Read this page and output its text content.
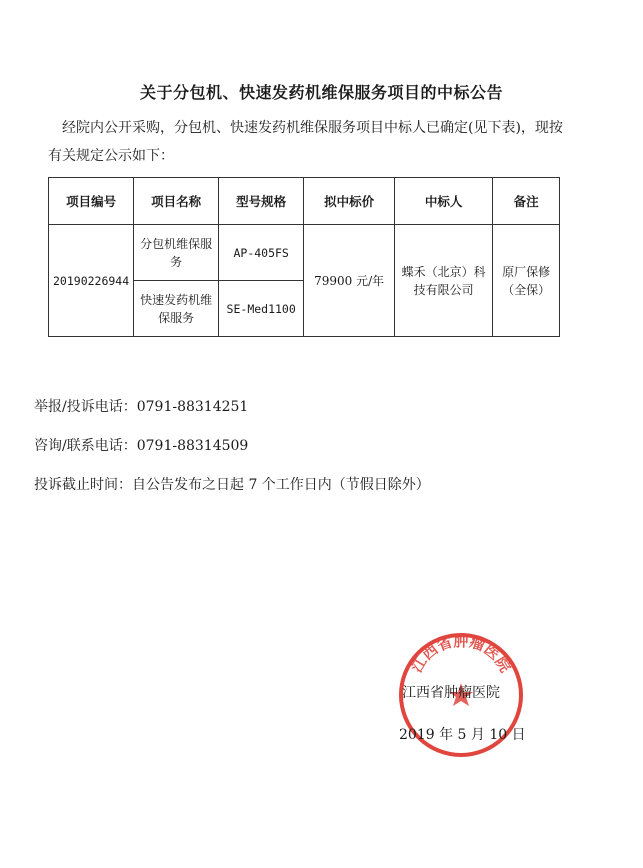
关于分包机、快速发药机维保服务项目的中标公告
经院内公开采购，分包机、快速发药机维保服务项目中标人已确定(见下表)，现按
有关规定公示如下：
项目编号	项目名称	型号规格	拟中标价	中标人	备注
20190226944	分包机维保服务	AP-405FS	79900 元/年	蝶禾（北京）科技有限公司	原厂保修（全保）
	快速发药机维保服务	SE-Med1100			
举报/投诉电话：0791-88314251
咨询/联系电话：0791-88314509
投诉截止时间：自公告发布之日起 7 个工作日内（节假日除外）
江西省肿瘤医院
江西省肿瘤医院
2019 年 5 月 10 日
